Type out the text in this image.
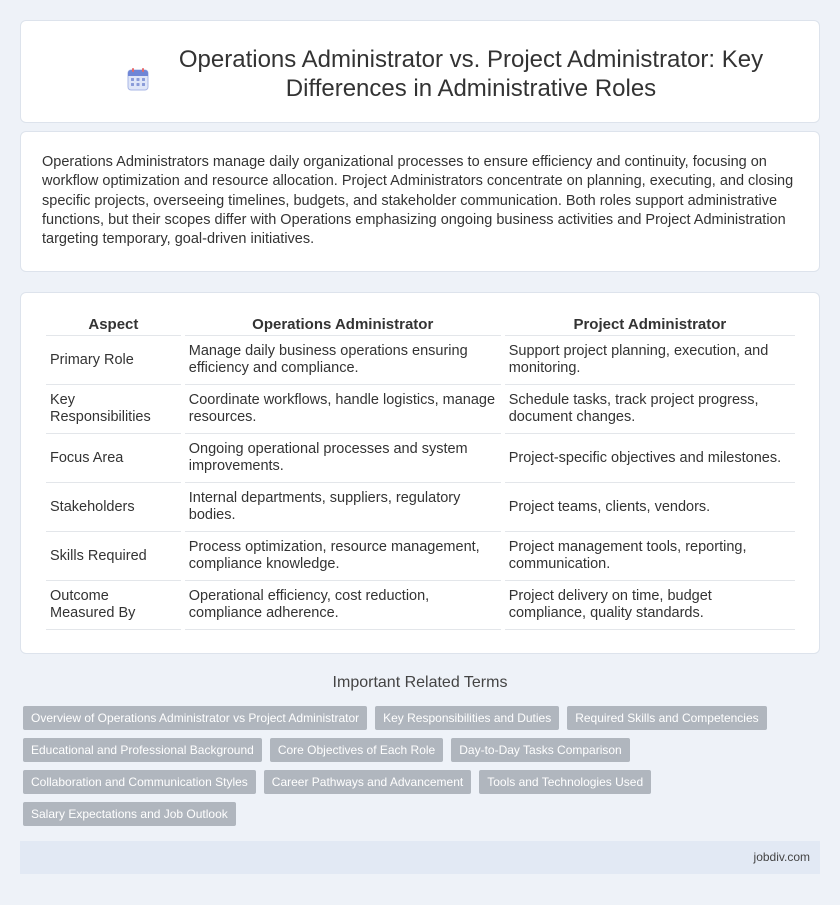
Operations Administrator vs. Project Administrator: Key Differences in Administrative Roles

Operations Administrators manage daily organizational processes to ensure efficiency and continuity, focusing on workflow optimization and resource allocation. Project Administrators concentrate on planning, executing, and closing specific projects, overseeing timelines, budgets, and stakeholder communication. Both roles support administrative functions, but their scopes differ with Operations emphasizing ongoing business activities and Project Administration targeting temporary, goal-driven initiatives.

Aspect	Operations Administrator	Project Administrator
Primary Role	Manage daily business operations ensuring efficiency and compliance.	Support project planning, execution, and monitoring.
Key Responsibilities	Coordinate workflows, handle logistics, manage resources.	Schedule tasks, track project progress, document changes.
Focus Area	Ongoing operational processes and system improvements.	Project-specific objectives and milestones.
Stakeholders	Internal departments, suppliers, regulatory bodies.	Project teams, clients, vendors.
Skills Required	Process optimization, resource management, compliance knowledge.	Project management tools, reporting, communication.
Outcome Measured By	Operational efficiency, cost reduction, compliance adherence.	Project delivery on time, budget compliance, quality standards.
Important Related Terms
Overview of Operations Administrator vs Project Administrator	Key Responsibilities and Duties	Required Skills and Competencies
Educational and Professional Background	Core Objectives of Each Role	Day-to-Day Tasks Comparison
Collaboration and Communication Styles	Career Pathways and Advancement	Tools and Technologies Used
Salary Expectations and Job Outlook
jobdiv.com
